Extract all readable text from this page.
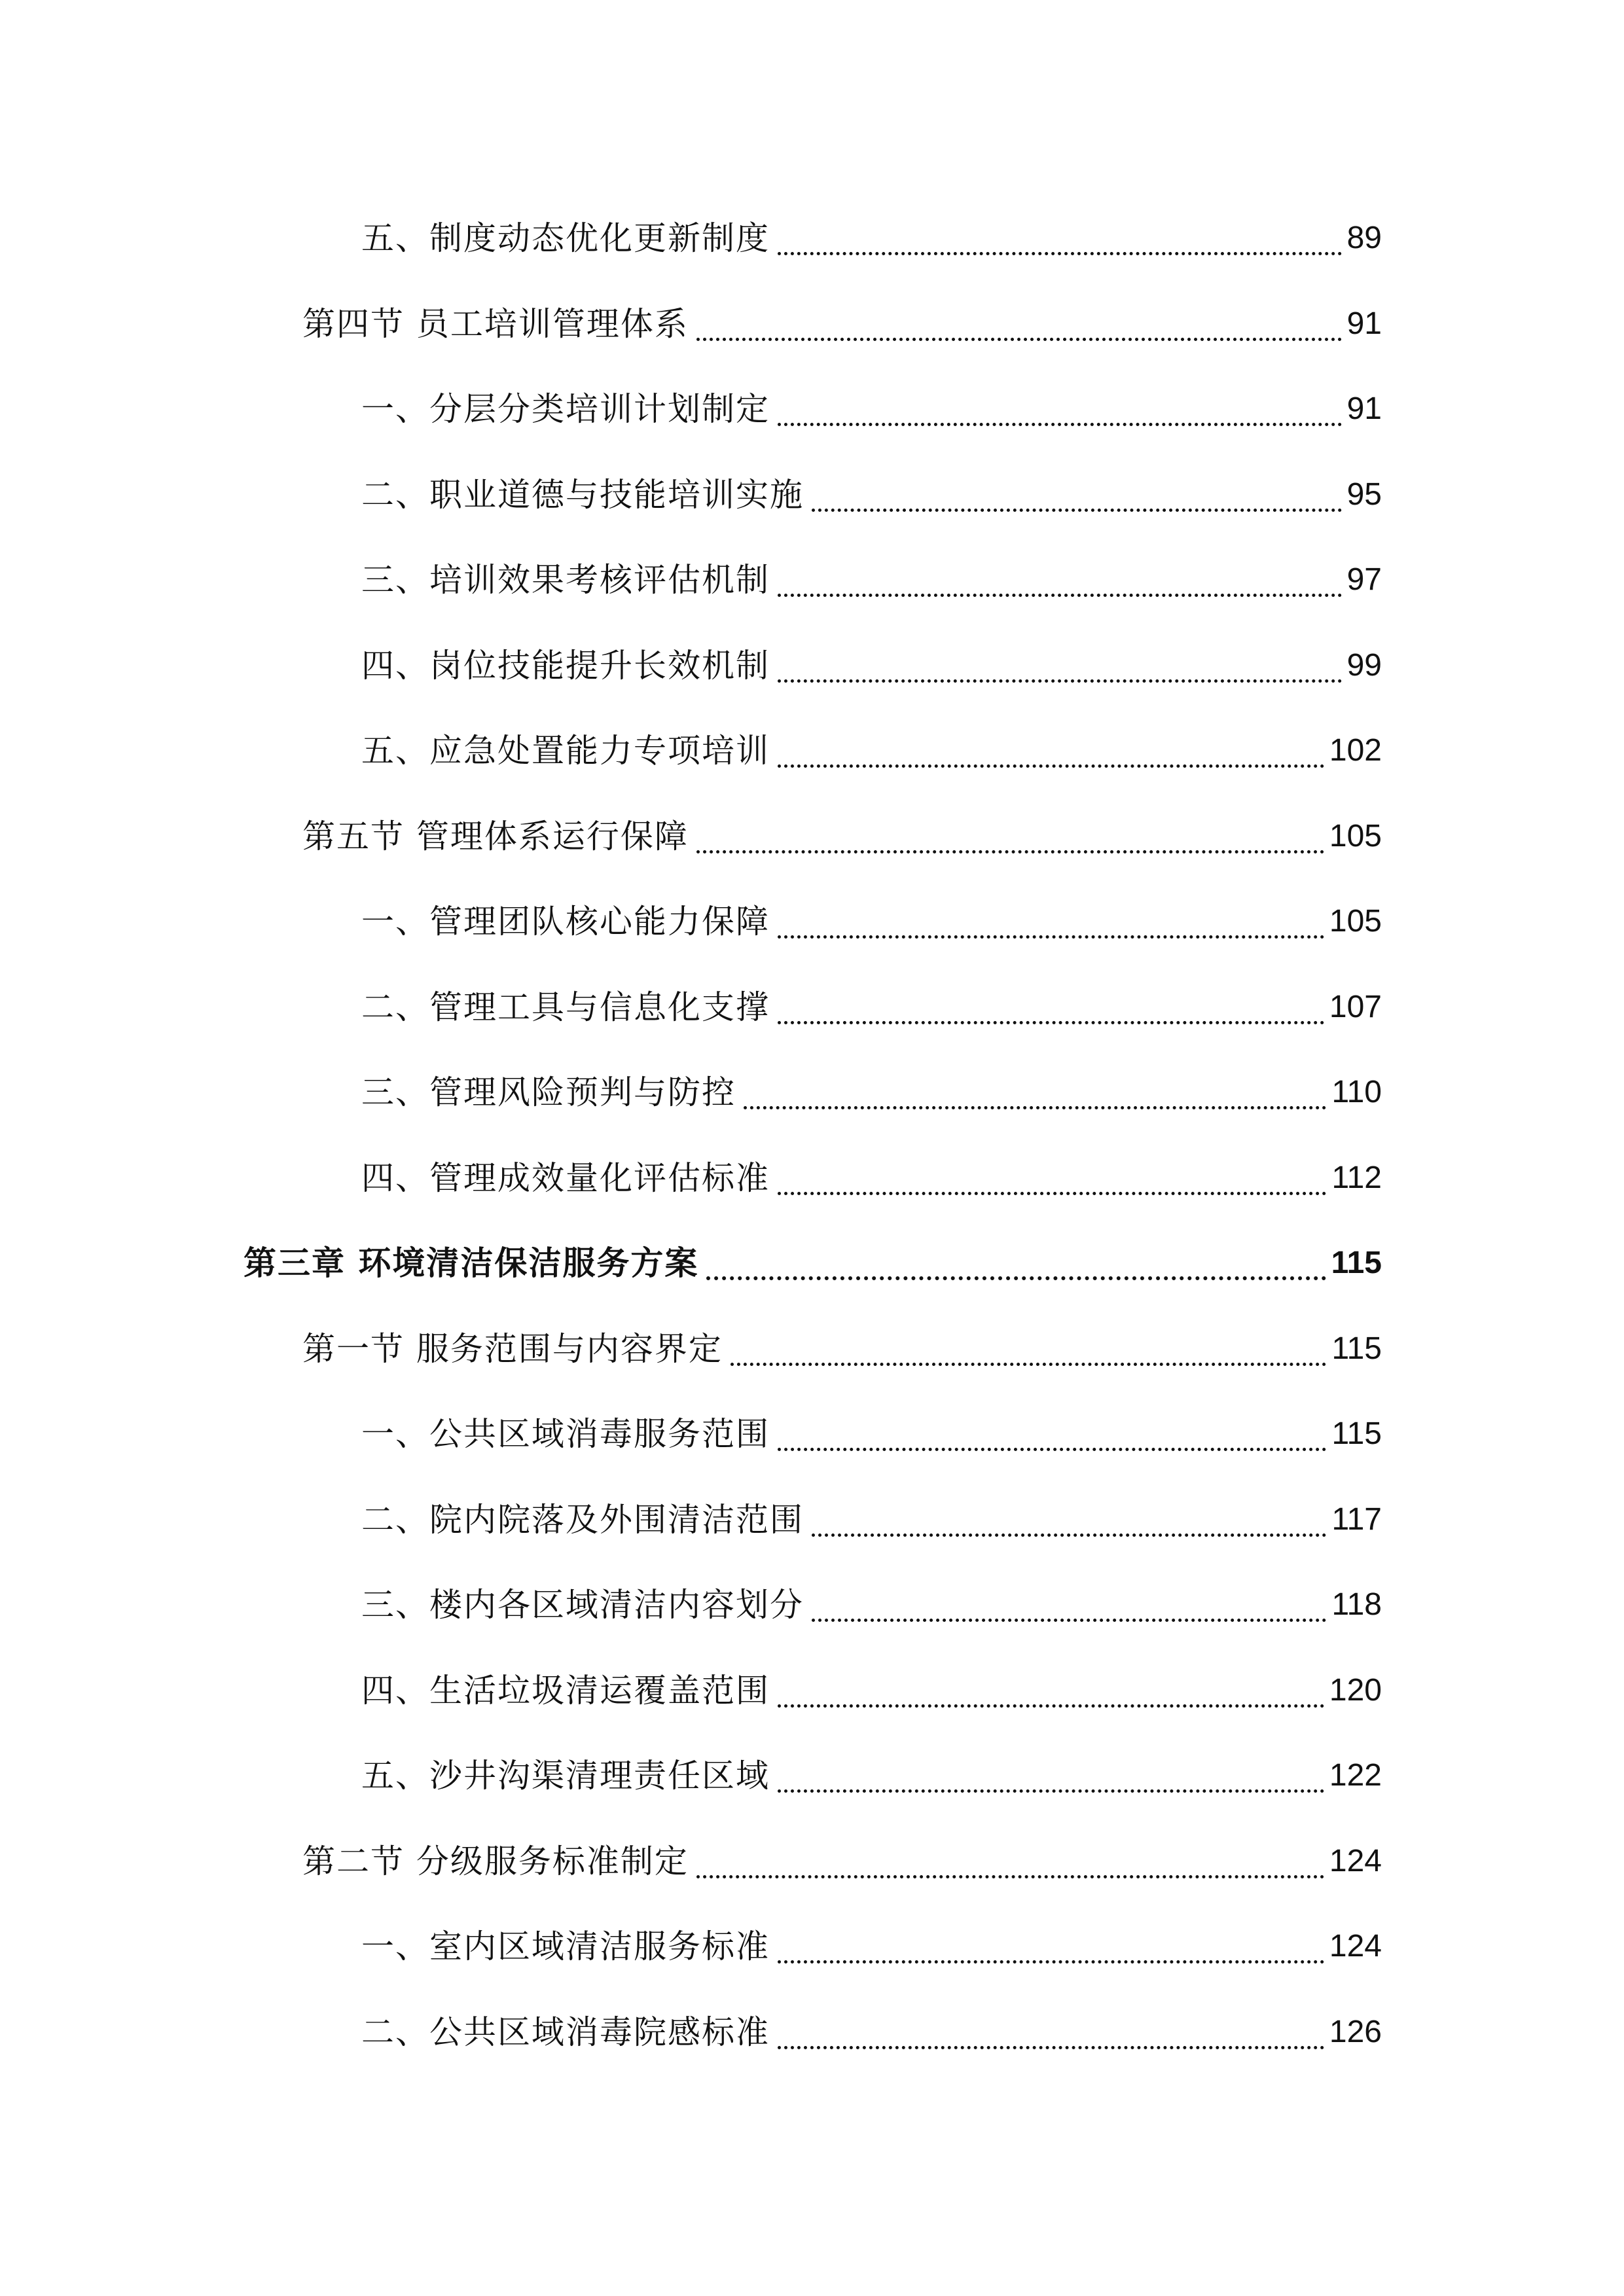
五、制度动态优化更新制度	89
第四节 员工培训管理体系	91
一、分层分类培训计划制定	91
二、职业道德与技能培训实施	95
三、培训效果考核评估机制	97
四、岗位技能提升长效机制	99
五、应急处置能力专项培训	102
第五节 管理体系运行保障	105
一、管理团队核心能力保障	105
二、管理工具与信息化支撑	107
三、管理风险预判与防控	110
四、管理成效量化评估标准	112
第三章 环境清洁保洁服务方案	115
第一节 服务范围与内容界定	115
一、公共区域消毒服务范围	115
二、院内院落及外围清洁范围	117
三、楼内各区域清洁内容划分	118
四、生活垃圾清运覆盖范围	120
五、沙井沟渠清理责任区域	122
第二节 分级服务标准制定	124
一、室内区域清洁服务标准	124
二、公共区域消毒院感标准	126
